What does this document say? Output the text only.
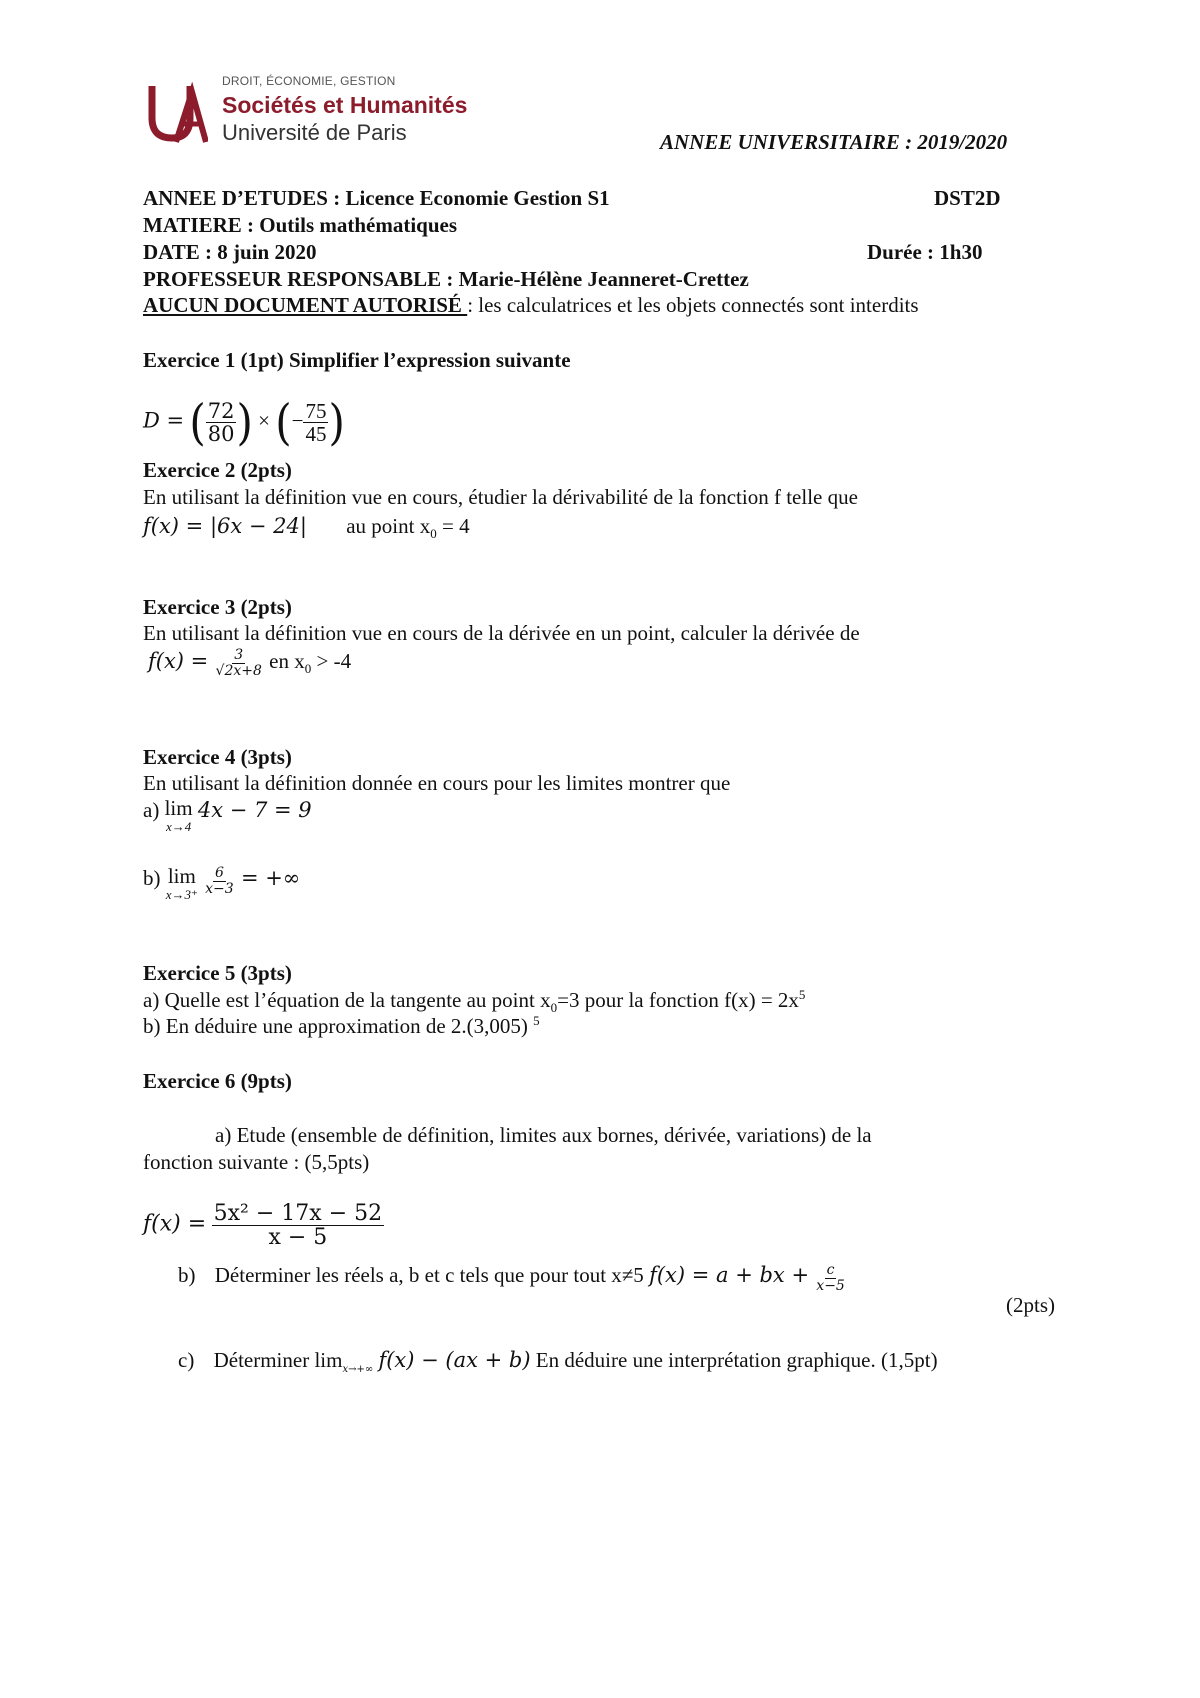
DROIT, ÉCONOMIE, GESTION
Sociétés et Humanités
Université de Paris	ANNEE UNIVERSITAIRE : 2019/2020
ANNEE D’ETUDES : Licence Economie Gestion S1	DST2D
MATIERE : Outils mathématiques
DATE : 8 juin 2020	Durée : 1h30
PROFESSEUR RESPONSABLE : Marie-Hélène Jeanneret-Crettez
AUCUN DOCUMENT AUTORISÉ : les calculatrices et les objets connectés sont interdits
Exercice 1 (1pt) Simplifier l’expression suivante
D = ( $\frac{72}{80}$ ) × (− $\frac{75}{45}$ )
Exercice 2 (2pts)
En utilisant la définition vue en cours, étudier la dérivabilité de la fonction f telle que
f(x) = |6x − 24| au point $x_0 = 4$
Exercice 3 (2pts)
En utilisant la définition vue en cours de la dérivée en un point, calculer la dérivée de
$f(x) = \frac{3}{√2x+8}$ en $x_0 > -4$
Exercice 4 (3pts)
En utilisant la définition donnée en cours pour les limites montrer que
a) lim
x→4
4x − 7 = 9
b) lim
x→3⁺
$\frac{6}{x-3}$ = +∞
Exercice 5 (3pts)
a) Quelle est l’équation de la tangente au point $x_0=3$ pour la fonction $f(x) = 2x^5$
b) En déduire une approximation de 2.(3,005) $^5$
Exercice 6 (9pts)
a) Etude (ensemble de définition, limites aux bornes, dérivée, variations) de la
fonction suivante : (5,5pts)
$f(x) = \frac{\text{5x² − 17x − 52}}{x - 5}$
b) Déterminer les réels a, b et c tels que pour tout x≠5 f(x) = a + bx + $\frac{c}{x-5}$
(2pts)
c) Déterminer $\lim_{x\to+\infty} f(x) - (ax + b)$ En déduire une interprétation graphique. (1,5pt)
